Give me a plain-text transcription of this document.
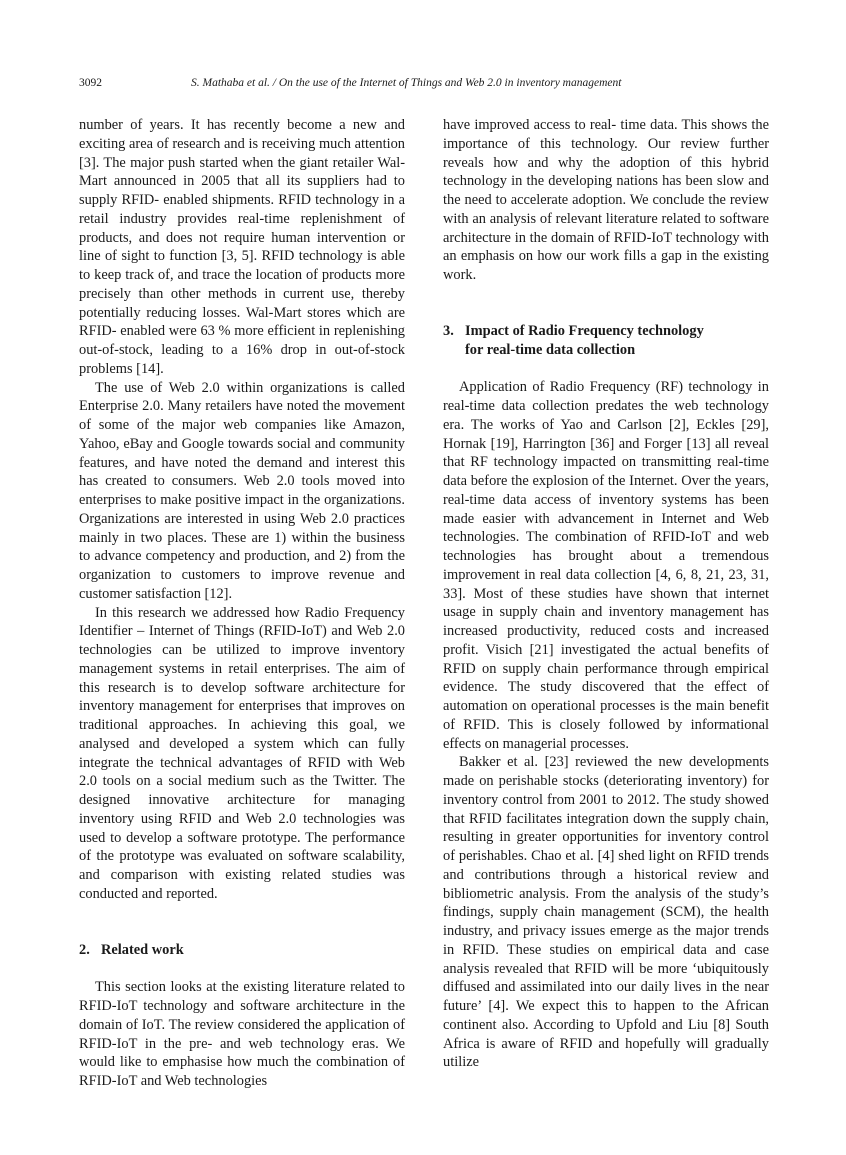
3092	S. Mathaba et al. / On the use of the Internet of Things and Web 2.0 in inventory management

number of years. It has recently become a new and exciting area of research and is receiving much attention [3]. The major push started when the giant retailer Wal-Mart announced in 2005 that all its suppliers had to supply RFID- enabled shipments. RFID technology in a retail industry provides real-time replenishment of products, and does not require human intervention or line of sight to function [3, 5]. RFID technology is able to keep track of, and trace the location of products more precisely than other methods in current use, thereby potentially reducing losses. Wal-Mart stores which are RFID- enabled were 63 % more efficient in replenishing out-of-stock, leading to a 16% drop in out-of-stock problems [14].

The use of Web 2.0 within organizations is called Enterprise 2.0. Many retailers have noted the movement of some of the major web companies like Amazon, Yahoo, eBay and Google towards social and community features, and have noted the demand and interest this has created to consumers. Web 2.0 tools moved into enterprises to make positive impact in the organizations. Organizations are interested in using Web 2.0 practices mainly in two places. These are 1) within the business to advance competency and production, and 2) from the organization to customers to improve revenue and customer satisfaction [12].

In this research we addressed how Radio Frequency Identifier – Internet of Things (RFID-IoT) and Web 2.0 technologies can be utilized to improve inventory management systems in retail enterprises. The aim of this research is to develop software architecture for inventory management for enterprises that improves on traditional approaches. In achieving this goal, we analysed and developed a system which can fully integrate the technical advantages of RFID with Web 2.0 tools on a social medium such as the Twitter. The designed innovative architecture for managing inventory using RFID and Web 2.0 technologies was used to develop a software prototype. The performance of the prototype was evaluated on software scalability, and comparison with existing related studies was conducted and reported.

2. Related work

This section looks at the existing literature related to RFID-IoT technology and software architecture in the domain of IoT. The review considered the application of RFID-IoT in the pre- and web technology eras. We would like to emphasise how much the combination of RFID-IoT and Web technologies

have improved access to real- time data. This shows the importance of this technology. Our review further reveals how and why the adoption of this hybrid technology in the developing nations has been slow and the need to accelerate adoption. We conclude the review with an analysis of relevant literature related to software architecture in the domain of RFID-IoT technology with an emphasis on how our work fills a gap in the existing work.

3. Impact of Radio Frequency technology
for real-time data collection

Application of Radio Frequency (RF) technology in real-time data collection predates the web technology era. The works of Yao and Carlson [2], Eckles [29], Hornak [19], Harrington [36] and Forger [13] all reveal that RF technology impacted on transmitting real-time data before the explosion of the Internet. Over the years, real-time data access of inventory systems has been made easier with advancement in Internet and Web technologies. The combination of RFID-IoT and web technologies has brought about a tremendous improvement in real data collection [4, 6, 8, 21, 23, 31, 33]. Most of these studies have shown that internet usage in supply chain and inventory management has increased productivity, reduced costs and increased profit. Visich [21] investigated the actual benefits of RFID on supply chain performance through empirical evidence. The study discovered that the effect of automation on operational processes is the main benefit of RFID. This is closely followed by informational effects on managerial processes.

Bakker et al. [23] reviewed the new developments made on perishable stocks (deteriorating inventory) for inventory control from 2001 to 2012. The study showed that RFID facilitates integration down the supply chain, resulting in greater opportunities for inventory control of perishables. Chao et al. [4] shed light on RFID trends and contributions through a historical review and bibliometric analysis. From the analysis of the study’s findings, supply chain management (SCM), the health industry, and privacy issues emerge as the major trends in RFID. These studies on empirical data and case analysis revealed that RFID will be more ‘ubiquitously diffused and assimilated into our daily lives in the near future’ [4]. We expect this to happen to the African continent also. According to Upfold and Liu [8] South Africa is aware of RFID and hopefully will gradually utilize
